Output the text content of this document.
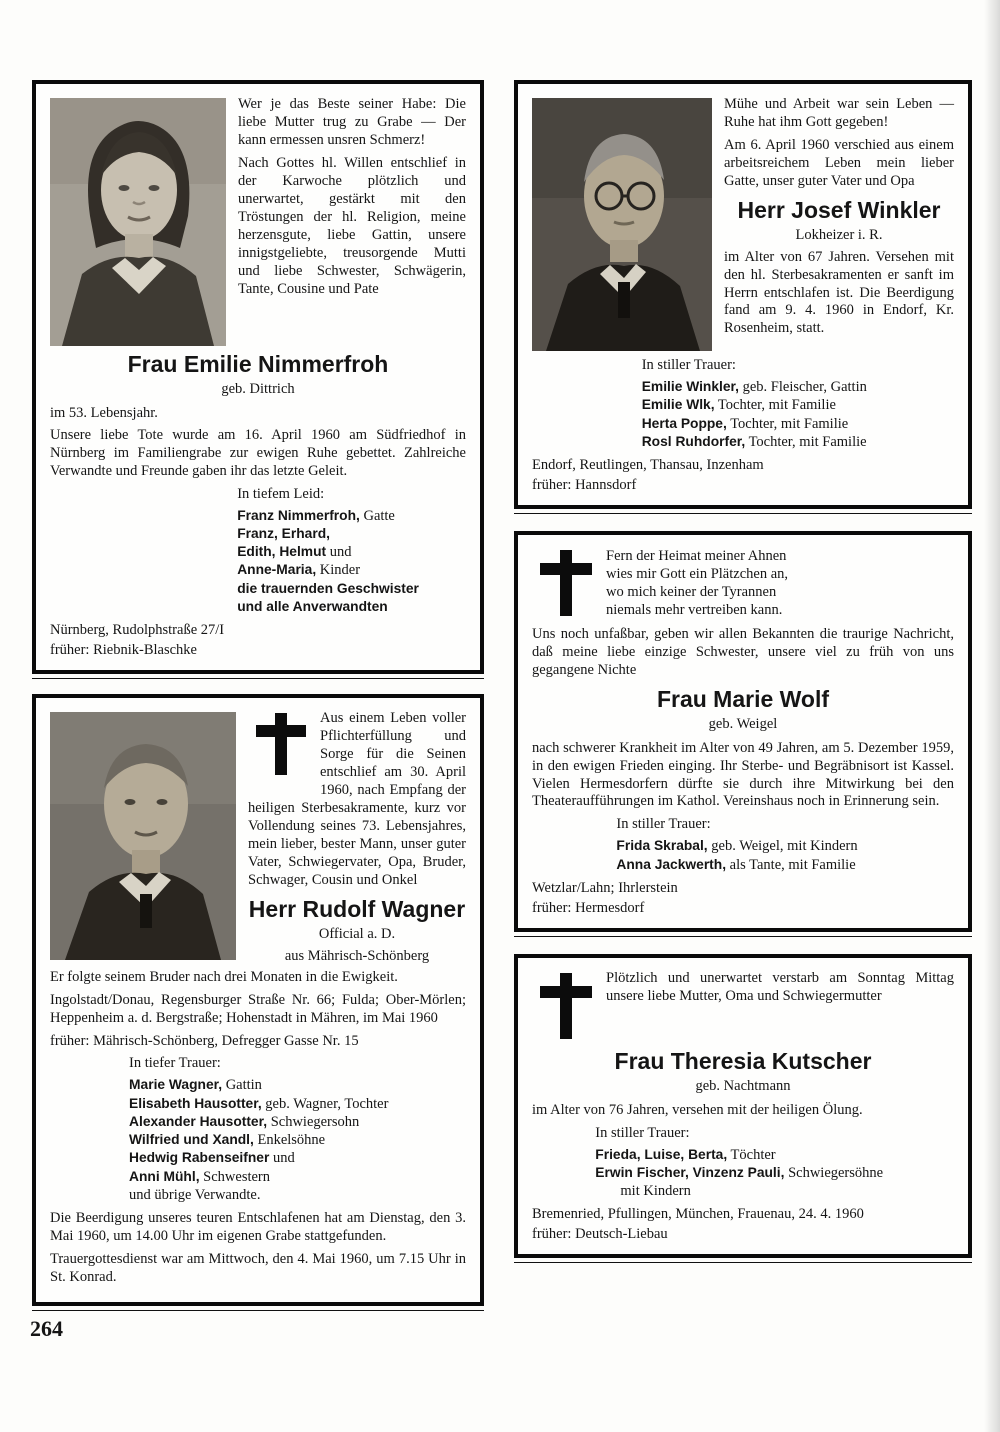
Wer je das Beste seiner Habe: Die liebe Mutter trug zu Grabe — Der kann ermessen unsren Schmerz!
Nach Gottes hl. Willen entschlief in der Karwoche plötzlich und unerwartet, gestärkt mit den Tröstungen der hl. Religion, meine herzensgute, liebe Gattin, unsere innigstgeliebte, treusorgende Mutti und liebe Schwester, Schwägerin, Tante, Cousine und Pate
Frau Emilie Nimmerfroh
geb. Dittrich
im 53. Lebensjahr.
Unsere liebe Tote wurde am 16. April 1960 am Südfriedhof in Nürnberg im Familiengrabe zur ewigen Ruhe gebettet. Zahlreiche Verwandte und Freunde gaben ihr das letzte Geleit.
In tiefem Leid:
Franz Nimmerfroh, Gatte
Franz, Erhard,
Edith, Helmut und
Anne-Maria, Kinder
die trauernden Geschwister
und alle Anverwandten
Nürnberg, Rudolphstraße 27/I
früher: Riebnik-Blaschke
Aus einem Leben voller Pflichterfüllung und Sorge für die Seinen entschlief am 30. April 1960, nach Empfang der heiligen Sterbesakramente, kurz vor Vollendung seines 73. Lebensjahres, mein lieber, bester Mann, unser guter Vater, Schwiegervater, Opa, Bruder, Schwager, Cousin und Onkel
Herr Rudolf Wagner
Official a. D.
aus Mährisch-Schönberg
Er folgte seinem Bruder nach drei Monaten in die Ewigkeit.
Ingolstadt/Donau, Regensburger Straße Nr. 66; Fulda; Ober-Mörlen; Heppenheim a. d. Bergstraße; Hohenstadt in Mähren, im Mai 1960
früher: Mährisch-Schönberg, Defregger Gasse Nr. 15
In tiefer Trauer:
Marie Wagner, Gattin
Elisabeth Hausotter, geb. Wagner, Tochter
Alexander Hausotter, Schwiegersohn
Wilfried und Xandl, Enkelsöhne
Hedwig Rabenseifner und
Anni Mühl, Schwestern
und übrige Verwandte.
Die Beerdigung unseres teuren Entschlafenen hat am Dienstag, den 3. Mai 1960, um 14.00 Uhr im eigenen Grabe stattgefunden.
Trauergottesdienst war am Mittwoch, den 4. Mai 1960, um 7.15 Uhr in St. Konrad.
Mühe und Arbeit war sein Leben — Ruhe hat ihm Gott gegeben!
Am 6. April 1960 verschied aus einem arbeitsreichem Leben mein lieber Gatte, unser guter Vater und Opa
Herr Josef Winkler
Lokheizer i. R.
im Alter von 67 Jahren. Versehen mit den hl. Sterbesakramenten er sanft im Herrn entschlafen ist. Die Beerdigung fand am 9. 4. 1960 in Endorf, Kr. Rosenheim, statt.
In stiller Trauer:
Emilie Winkler, geb. Fleischer, Gattin
Emilie Wlk, Tochter, mit Familie
Herta Poppe, Tochter, mit Familie
Rosl Ruhdorfer, Tochter, mit Familie
Endorf, Reutlingen, Thansau, Inzenham
früher: Hannsdorf
Fern der Heimat meiner Ahnen
wies mir Gott ein Plätzchen an,
wo mich keiner der Tyrannen
niemals mehr vertreiben kann.
Uns noch unfaßbar, geben wir allen Bekannten die traurige Nachricht, daß meine liebe einzige Schwester, unsere viel zu früh von uns gegangene Nichte
Frau Marie Wolf
geb. Weigel
nach schwerer Krankheit im Alter von 49 Jahren, am 5. Dezember 1959, in den ewigen Frieden einging. Ihr Sterbe- und Begräbnisort ist Kassel. Vielen Hermesdorfern dürfte sie durch ihre Mitwirkung bei den Theateraufführungen im Kathol. Vereinshaus noch in Erinnerung sein.
In stiller Trauer:
Frida Skrabal, geb. Weigel, mit Kindern
Anna Jackwerth, als Tante, mit Familie
Wetzlar/Lahn; Ihrlerstein
früher: Hermesdorf
Plötzlich und unerwartet verstarb am Sonntag Mittag unsere liebe Mutter, Oma und Schwiegermutter
Frau Theresia Kutscher
geb. Nachtmann
im Alter von 76 Jahren, versehen mit der heiligen Ölung.
In stiller Trauer:
Frieda, Luise, Berta, Töchter
Erwin Fischer, Vinzenz Pauli, Schwiegersöhne
mit Kindern
Bremenried, Pfullingen, München, Frauenau, 24. 4. 1960
früher: Deutsch-Liebau
264
